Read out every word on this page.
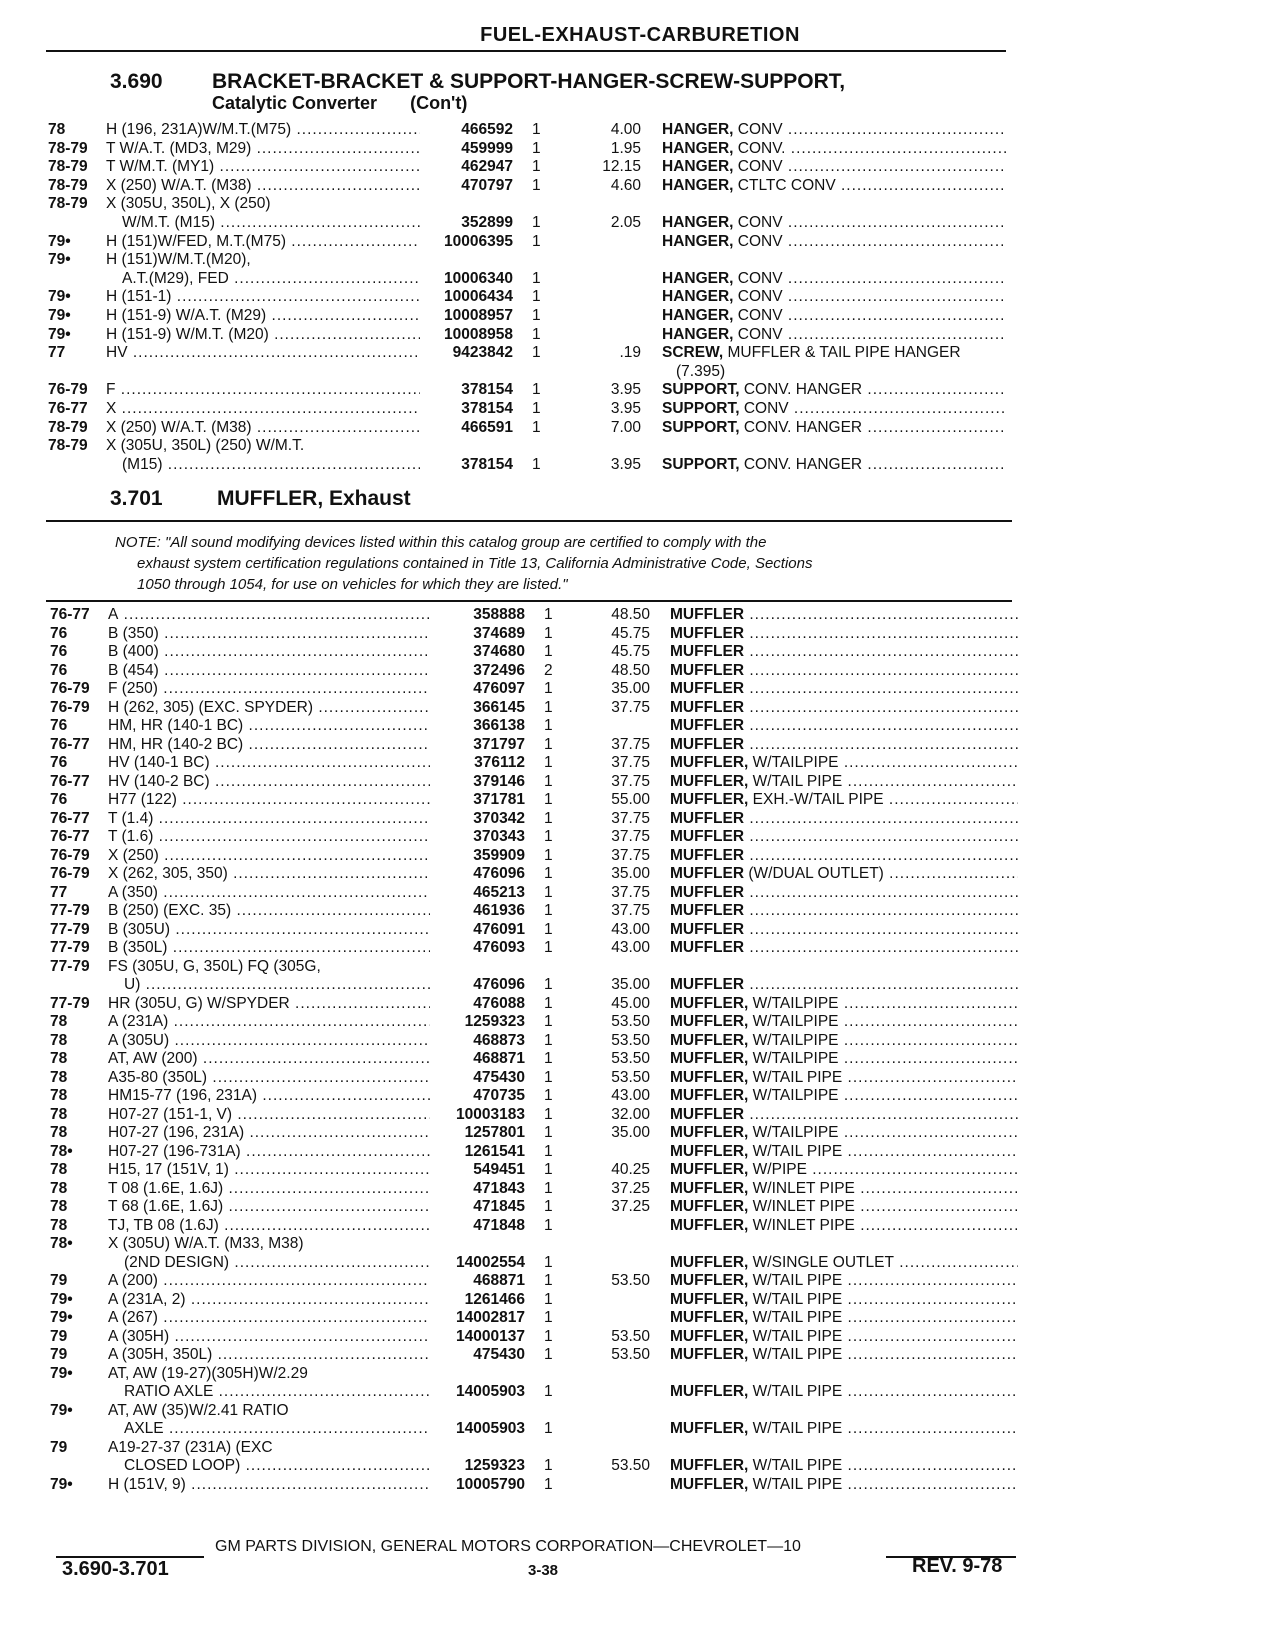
FUEL-EXHAUST-CARBURETION
3.690 BRACKET-BRACKET & SUPPORT-HANGER-SCREW-SUPPORT,
Catalytic Converter (Con't)
78	H (196, 231A)W/M.T.(M75) .....	466592 1	4.00 HANGER, CONV .....
78-79 T W/A.T. (MD3, M29) .....	459999 1	1.95 HANGER, CONV. .....
78-79 T W/M.T. (MY1) .....	462947 1	12.15 HANGER, CONV .....
78-79 X (250) W/A.T. (M38) .....	470797 1	4.60 HANGER, CTLTC CONV .....
78-79 X (305U, 350L), X (250)
W/M.T. (M15) .....	352899 1	2.05 HANGER, CONV .....
79• H (151)W/FED, M.T.(M75) .....	10006395 1	HANGER, CONV .....
79• H (151)W/M.T.(M20),
A.T.(M29), FED .....	10006340 1	HANGER, CONV .....
79• H (151-1) .....	10006434 1	HANGER, CONV .....
79• H (151-9) W/A.T. (M29) .....	10008957 1	HANGER, CONV .....
79• H (151-9) W/M.T. (M20) .....	10008958 1	HANGER, CONV .....
77	HV .....	9423842 1	.19 SCREW, MUFFLER & TAIL PIPE HANGER
(7.395)
76-79 F .....	378154 1	3.95 SUPPORT, CONV. HANGER .....
76-77 X .....	378154 1	3.95 SUPPORT, CONV .....
78-79 X (250) W/A.T. (M38) .....	466591 1	7.00 SUPPORT, CONV. HANGER .....
78-79 X (305U, 350L) (250) W/M.T.
(M15) .....	378154 1	3.95 SUPPORT, CONV. HANGER .....
3.701	MUFFLER, Exhaust
NOTE: "All sound modifying devices listed within this catalog group are certified to comply with the
exhaust system certification regulations contained in Title 13, California Administrative Code, Sections
1050 through 1054, for use on vehicles for which they are listed."
76-77 A .....	358888 1	48.50 MUFFLER .....
76	B (350) .....	374689 1	45.75 MUFFLER .....
76	B (400) .....	374680 1	45.75 MUFFLER .....
76	B (454) .....	372496 2	48.50 MUFFLER .....
76-79 F (250) .....	476097 1	35.00 MUFFLER .....
76-79 H (262, 305) (EXC. SPYDER) .....	366145 1	37.75 MUFFLER .....
76	HM, HR (140-1 BC) .....	366138 1	MUFFLER .....
76-77 HM, HR (140-2 BC) .....	371797 1	37.75 MUFFLER .....
76	HV (140-1 BC) .....	376112 1	37.75 MUFFLER, W/TAILPIPE .....
76-77 HV (140-2 BC) .....	379146 1	37.75 MUFFLER, W/TAIL PIPE .....
76	H77 (122) .....	371781 1	55.00 MUFFLER, EXH.-W/TAIL PIPE .....
76-77 T (1.4) .....	370342 1	37.75 MUFFLER .....
76-77 T (1.6) .....	370343 1	37.75 MUFFLER .....
76-79 X (250) .....	359909 1	37.75 MUFFLER .....
76-79 X (262, 305, 350) .....	476096 1	35.00 MUFFLER (W/DUAL OUTLET) .....
77	A (350) .....	465213 1	37.75 MUFFLER .....
77-79 B (250) (EXC. 35) .....	461936 1	37.75 MUFFLER .....
77-79 B (305U) .....	476091 1	43.00 MUFFLER .....
77-79 B (350L) .....	476093 1	43.00 MUFFLER .....
77-79 FS (305U, G, 350L) FQ (305G,
U) .....	476096 1	35.00 MUFFLER .....
77-79 HR (305U, G) W/SPYDER .....	476088 1	45.00 MUFFLER, W/TAILPIPE .....
78	A (231A) .....	1259323 1	53.50 MUFFLER, W/TAILPIPE .....
78	A (305U) .....	468873 1	53.50 MUFFLER, W/TAILPIPE .....
78	AT, AW (200) .....	468871 1	53.50 MUFFLER, W/TAILPIPE .....
78	A35-80 (350L) .....	475430 1	53.50 MUFFLER, W/TAIL PIPE .....
78	HM15-77 (196, 231A) .....	470735 1	43.00 MUFFLER, W/TAILPIPE .....
78	H07-27 (151-1, V) .....	10003183 1	32.00 MUFFLER .....
78	H07-27 (196, 231A) .....	1257801 1	35.00 MUFFLER, W/TAILPIPE .....
78• H07-27 (196-731A) .....	1261541 1	MUFFLER, W/TAIL PIPE .....
78	H15, 17 (151V, 1) .....	549451 1	40.25 MUFFLER, W/PIPE .....
78	T 08 (1.6E, 1.6J) .....	471843 1	37.25 MUFFLER, W/INLET PIPE .....
78	T 68 (1.6E, 1.6J) .....	471845 1	37.25 MUFFLER, W/INLET PIPE .....
78	TJ, TB 08 (1.6J) .....	471848 1	MUFFLER, W/INLET PIPE .....
78• X (305U) W/A.T. (M33, M38)
(2ND DESIGN) .....	14002554 1	MUFFLER, W/SINGLE OUTLET .....
79	A (200) .....	468871 1	53.50 MUFFLER, W/TAIL PIPE .....
79• A (231A, 2) .....	1261466 1	MUFFLER, W/TAIL PIPE .....
79• A (267) .....	14002817 1	MUFFLER, W/TAIL PIPE .....
79	A (305H) .....	14000137 1	53.50 MUFFLER, W/TAIL PIPE .....
79	A (305H, 350L) .....	475430 1	53.50 MUFFLER, W/TAIL PIPE .....
79• AT, AW (19-27)(305H)W/2.29
RATIO AXLE .....	14005903 1	MUFFLER, W/TAIL PIPE .....
79• AT, AW (35)W/2.41 RATIO
AXLE .....	14005903 1	MUFFLER, W/TAIL PIPE .....
79	A19-27-37 (231A) (EXC
CLOSED LOOP) .....	1259323 1	53.50 MUFFLER, W/TAIL PIPE .....
79• H (151V, 9) .....	10005790 1	MUFFLER, W/TAIL PIPE .....
GM PARTS DIVISION, GENERAL MOTORS CORPORATION—CHEVROLET—10
3.690-3.701	3-38	REV. 9-78
